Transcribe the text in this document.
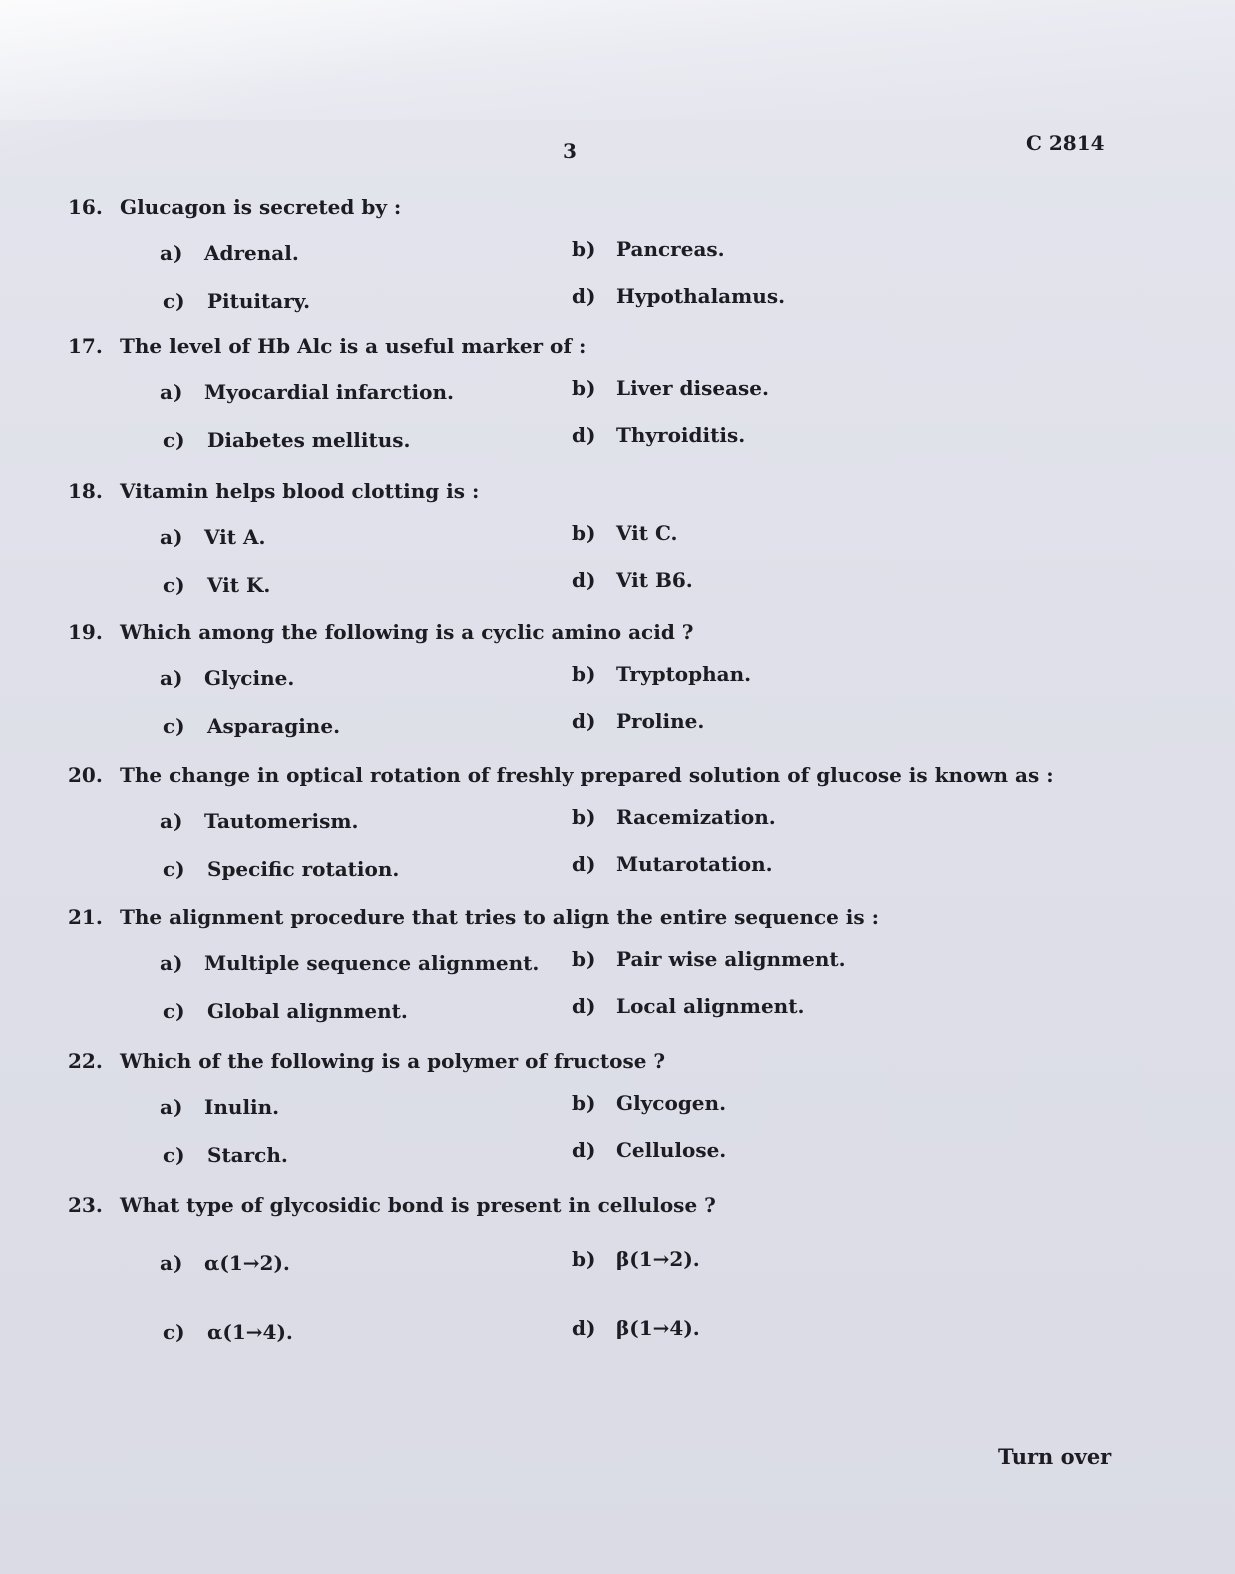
3	C 2814
16. Glucagon is secreted by :
a) Adrenal.	b) Pancreas.
c) Pituitary.	d) Hypothalamus.
17. The level of Hb Alc is a useful marker of :
a) Myocardial infarction.	b) Liver disease.
c) Diabetes mellitus.	d) Thyroiditis.
18. Vitamin helps blood clotting is :
a) Vit A.	b) Vit C.
c) Vit K.	d) Vit B6.
19. Which among the following is a cyclic amino acid ?
a) Glycine.	b) Tryptophan.
c) Asparagine.	d) Proline.
20. The change in optical rotation of freshly prepared solution of glucose is known as :
a) Tautomerism.	b) Racemization.
c) Specific rotation.	d) Mutarotation.
21. The alignment procedure that tries to align the entire sequence is :
a) Multiple sequence alignment. b) Pair wise alignment.
c) Global alignment.	d) Local alignment.
22. Which of the following is a polymer of fructose ?
a) Inulin.	b) Glycogen.
c) Starch.	d) Cellulose.
23. What type of glycosidic bond is present in cellulose ?
a) α(1→2).	b) β(1→2).
c) α(1→4).	d) β(1→4).
Turn over
